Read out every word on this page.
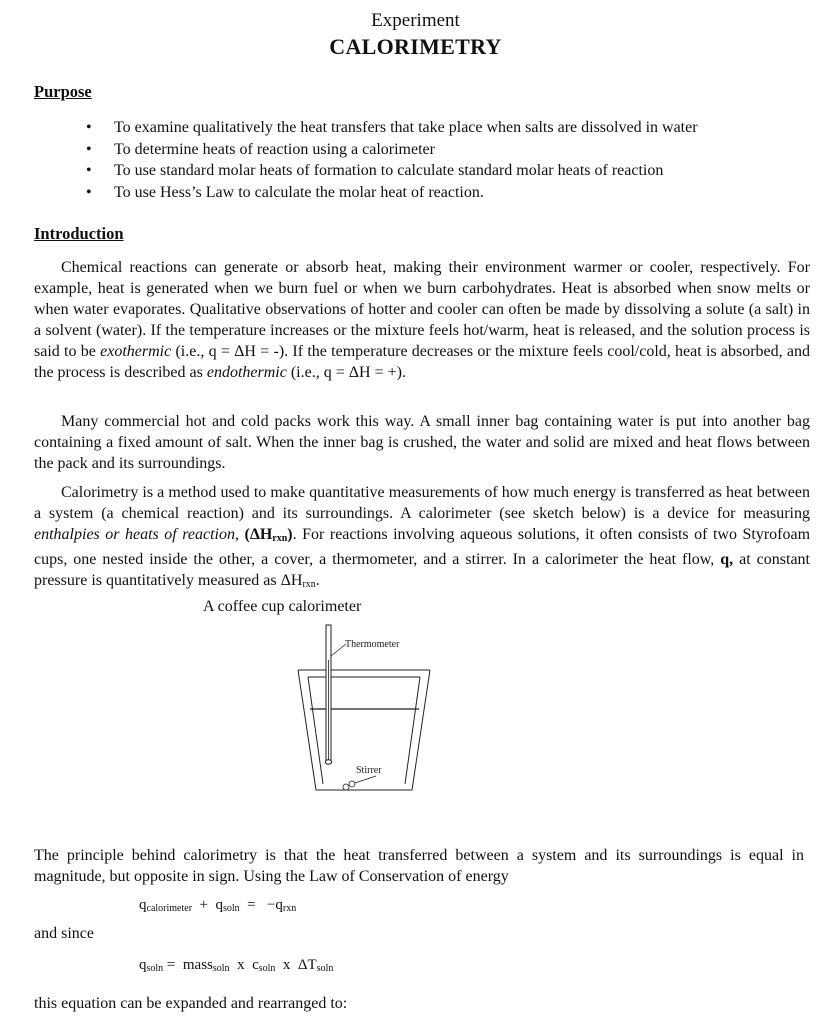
Experiment
CALORIMETRY
Purpose
• To examine qualitatively the heat transfers that take place when salts are dissolved in water
• To determine heats of reaction using a calorimeter
• To use standard molar heats of formation to calculate standard molar heats of reaction
• To use Hess’s Law to calculate the molar heat of reaction.
Introduction
Chemical reactions can generate or absorb heat, making their environment warmer or cooler, respectively. For example, heat is generated when we burn fuel or when we burn carbohydrates. Heat is absorbed when snow melts or when water evaporates. Qualitative observations of hotter and cooler can often be made by dissolving a solute (a salt) in a solvent (water). If the temperature increases or the mixture feels hot/warm, heat is released, and the solution process is said to be exothermic (i.e., q = ΔH = -). If the temperature decreases or the mixture feels cool/cold, heat is absorbed, and the process is described as endothermic (i.e., q = ΔH = +).
Many commercial hot and cold packs work this way. A small inner bag containing water is put into another bag containing a fixed amount of salt. When the inner bag is crushed, the water and solid are mixed and heat flows between the pack and its surroundings.
Calorimetry is a method used to make quantitative measurements of how much energy is transferred as heat between a system (a chemical reaction) and its surroundings. A calorimeter (see sketch below) is a device for measuring enthalpies or heats of reaction, $(\Delta H_{rxn})$. For reactions involving aqueous solutions, it often consists of two Styrofoam cups, one nested inside the other, a cover, a thermometer, and a stirrer. In a calorimeter the heat flow, q, at constant pressure is quantitatively measured as $\Delta H_{rxn}$.
A coffee cup calorimeter
Thermometer
Stirrer
The principle behind calorimetry is that the heat transferred between a system and its surroundings is equal in magnitude, but opposite in sign. Using the Law of Conservation of energy
$q_{calorimeter} + q_{soln} = -q_{rxn}$
and since
$q_{soln}$ = mass$_{soln}$ x $c_{soln}$ x $\Delta T_{soln}$
this equation can be expanded and rearranged to:
